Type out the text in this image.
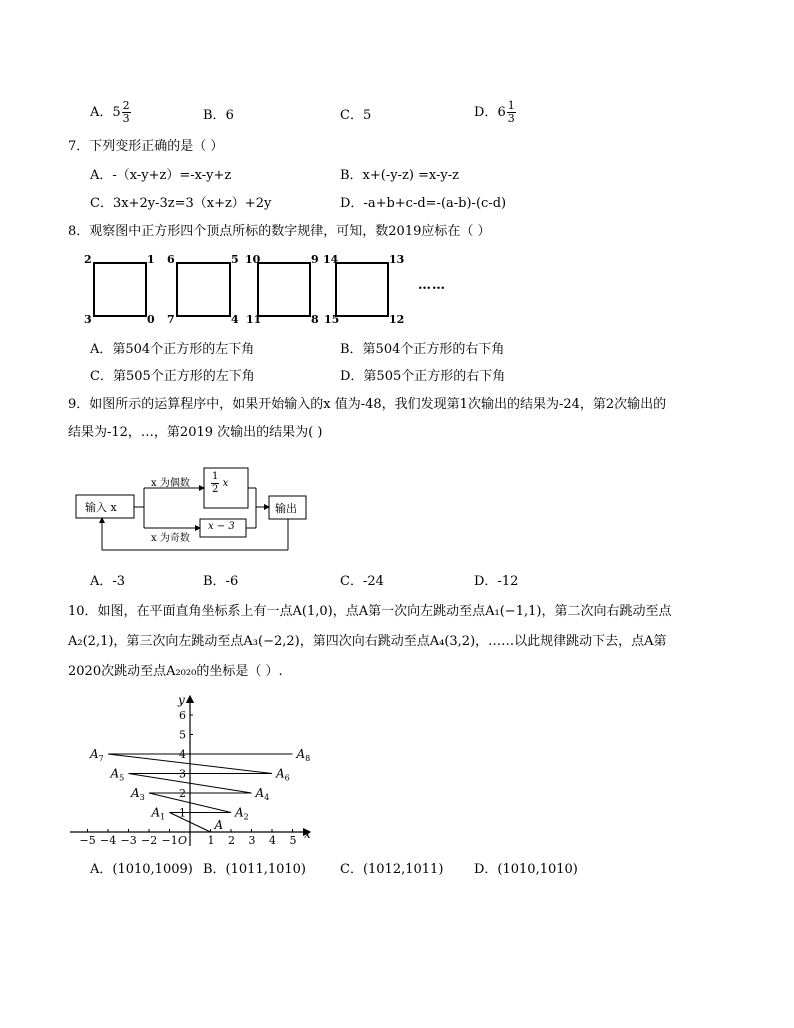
A．$5 \frac{2}{3}$	B．6	C．5	D．$6 \frac{1}{3}$
7．下列变形正确的是（ ）
A．-（x-y+z）=-x-y+z	B．x+(-y-z) =x-y-z
C．3x+2y-3z=3（x+z）+2y	D．-a+b+c-d=-(a-b)-(c-d)
8．观察图中正方形四个顶点所标的数字规律，可知，数2019应标在（ ）
2	1
3	0
6	5
7	4
10	9
11	8
14	13
15	12
……
A．第504个正方形的左下角	B．第504个正方形的右下角
C．第505个正方形的左下角	D．第505个正方形的右下角
9．如图所示的运算程序中，如果开始输入的x 值为-48，我们发现第1次输出的结果为-24，第2次输出的
结果为-12，…，第2019 次输出的结果为( )
输入 x
x 为偶数
x 为奇数
$\frac{1}{2}$ x
x − 3
输出
A．-3	B．-6	C．-24	D．-12
10．如图，在平面直角坐标系上有一点A(1,0)，点A第一次向左跳动至点A₁(−1,1)，第二次向右跳动至点
A₂(2,1)，第三次向左跳动至点A₃(−2,2)，第四次向右跳动至点A₄(3,2)，……以此规律跳动下去，点A第
2020次跳动至点A₂₀₂₀的坐标是（ ）.
x
y
O
−5 −4 −3 −2 −1	1 2 3 4 5
1
2
3
4
5
6
A
$A_1$	$A_2$
$A_3$	$A_4$
$A_5$	$A_6$
$A_7$	$A_8$
A．(1010,1009) B．(1011,1010)	C．(1012,1011) D．(1010,1010)
